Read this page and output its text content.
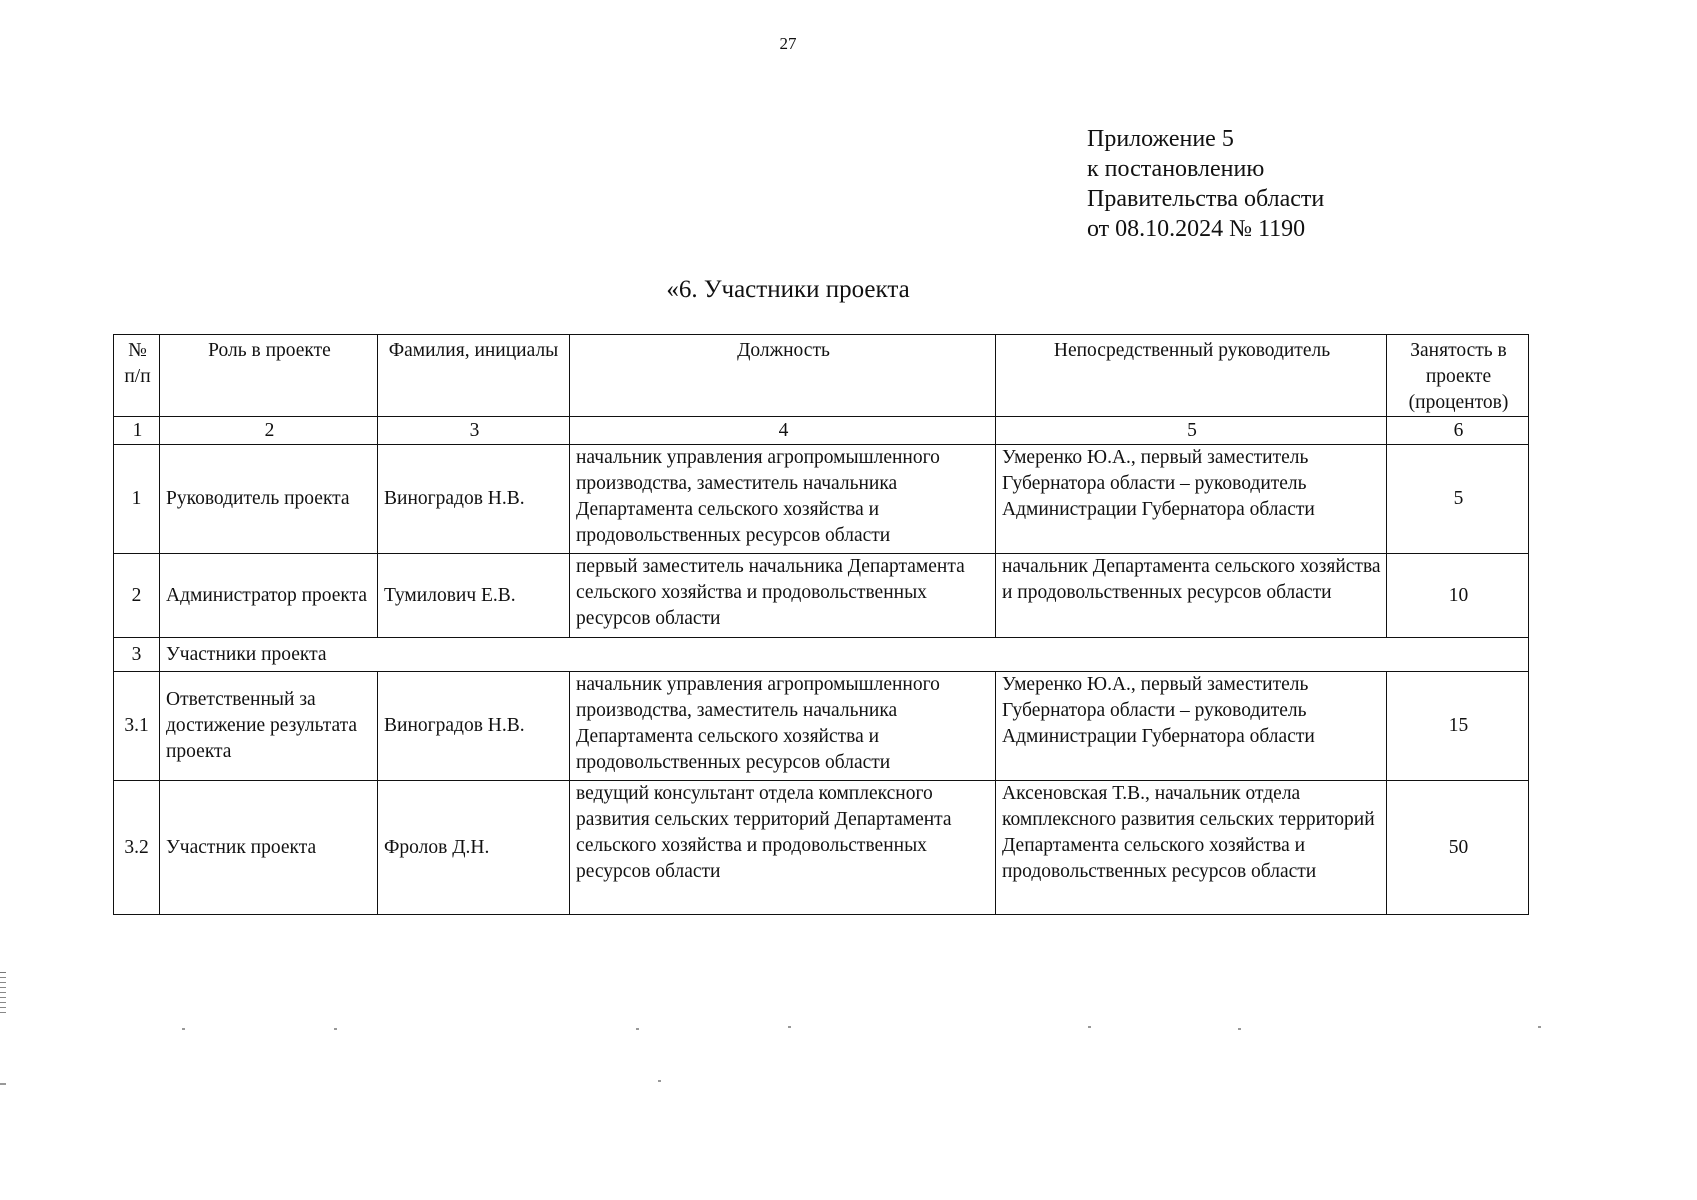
27
Приложение 5
к постановлению
Правительства области
от 08.10.2024 № 1190
«6. Участники проекта
№ п/п	Роль в проекте	Фамилия, инициалы	Должность	Непосредственный руководитель	Занятость в проекте (процентов)
1	2	3	4	5	6
1	Руководитель проекта	Виноградов Н.В.	начальник управления агропромышленного производства, заместитель начальника Департамента сельского хозяйства и продовольственных ресурсов области	Умеренко Ю.А., первый заместитель Губернатора области – руководитель Администрации Губернатора области	5
2	Администратор проекта	Тумилович Е.В.	первый заместитель начальника Департамента сельского хозяйства и продовольственных ресурсов области	начальник Департамента сельского хозяйства и продовольственных ресурсов области	10
3	Участники проекта				
3.1	Ответственный за достижение результата проекта	Виноградов Н.В.	начальник управления агропромышленного производства, заместитель начальника Департамента сельского хозяйства и продовольственных ресурсов области	Умеренко Ю.А., первый заместитель Губернатора области – руководитель Администрации Губернатора области	15
3.2	Участник проекта	Фролов Д.Н.	ведущий консультант отдела комплексного развития сельских территорий Департамента сельского хозяйства и продовольственных ресурсов области	Аксеновская Т.В., начальник отдела комплексного развития сельских территорий Департамента сельского хозяйства и продовольственных ресурсов области	50
